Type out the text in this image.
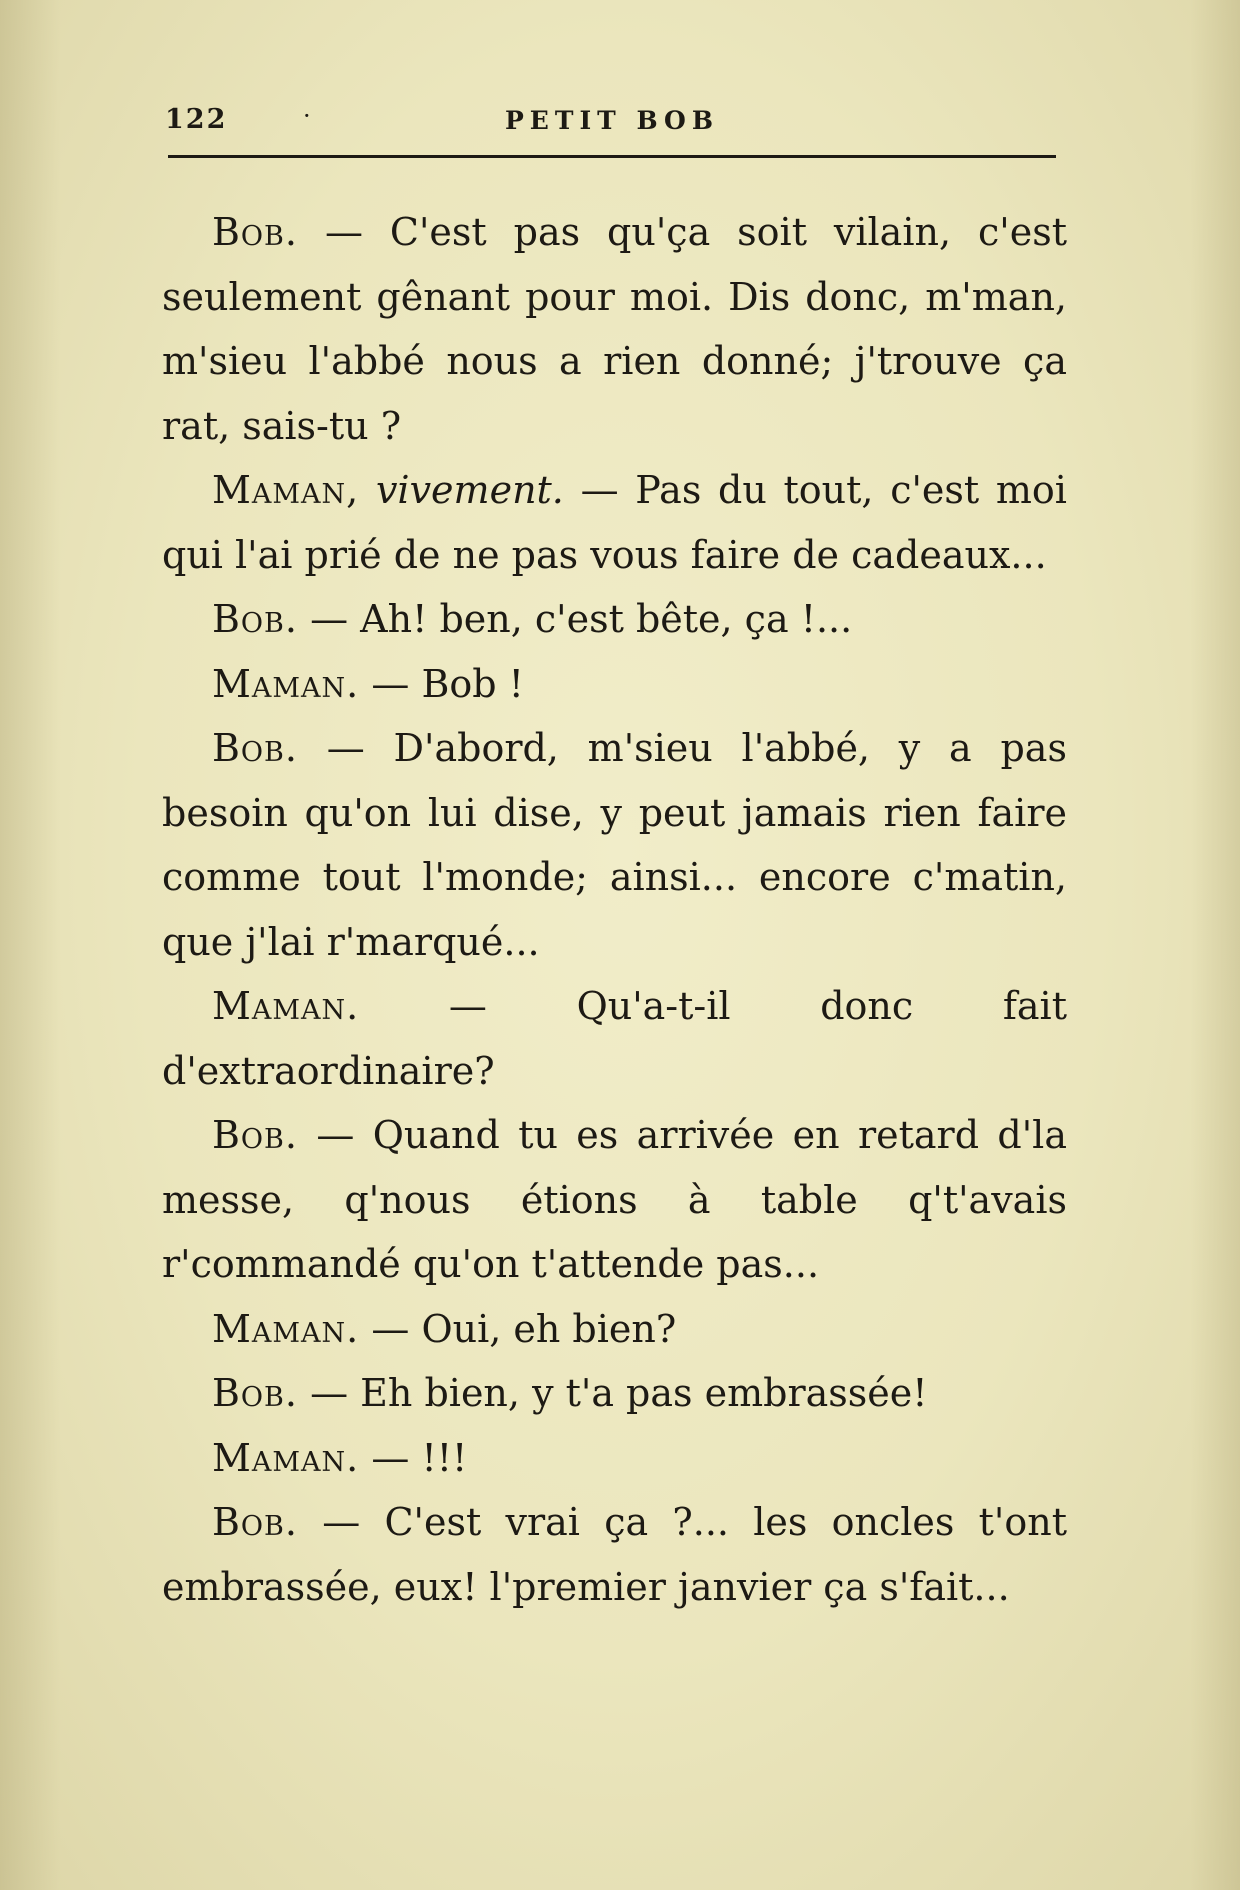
122	·	PETIT BOB

Bob. — C'est pas qu'ça soit vilain, c'est seulement gênant pour moi. Dis donc, m'man, m'sieu l'abbé nous a rien donné; j'trouve ça rat, sais-tu ?

Maman, vivement. — Pas du tout, c'est moi qui l'ai prié de ne pas vous faire de cadeaux...

Bob. — Ah! ben, c'est bête, ça !...

Maman. — Bob !

Bob. — D'abord, m'sieu l'abbé, y a pas besoin qu'on lui dise, y peut jamais rien faire comme tout l'monde; ainsi... encore c'matin, que j'lai r'marqué...

Maman. — Qu'a-t-il donc fait d'extraordinaire?

Bob. — Quand tu es arrivée en retard d'la messe, q'nous étions à table q't'avais r'commandé qu'on t'attende pas...

Maman. — Oui, eh bien?

Bob. — Eh bien, y t'a pas embrassée!

Maman. — !!!

Bob. — C'est vrai ça ?... les oncles t'ont embrassée, eux! l'premier janvier ça s'fait...
